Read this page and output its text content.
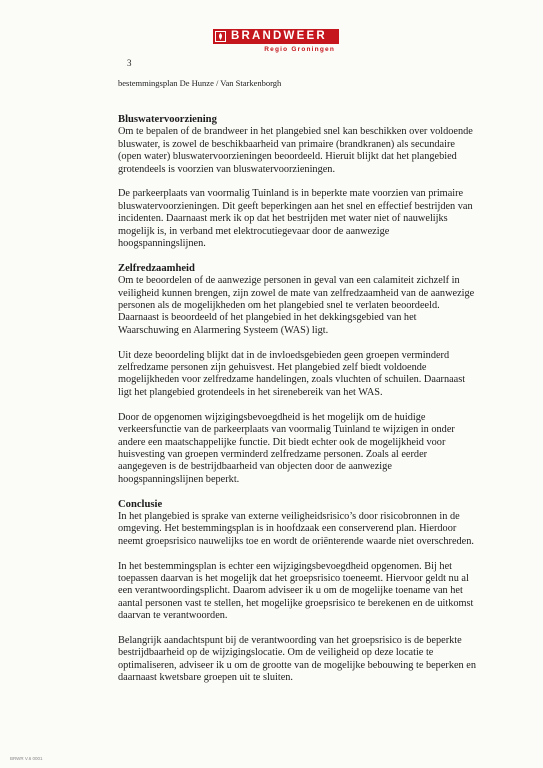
BRANDWEER
Regio Groningen
3
bestemmingsplan De Hunze / Van Starkenborgh
Bluswatervoorziening

Om te bepalen of de brandweer in het plangebied snel kan beschikken over voldoende bluswater, is zowel de beschikbaarheid van primaire (brandkranen) als secundaire (open water) bluswatervoorzieningen beoordeeld. Hieruit blijkt dat het plangebied grotendeels is voorzien van bluswatervoorzieningen.

De parkeerplaats van voormalig Tuinland is in beperkte mate voorzien van primaire bluswatervoorzieningen. Dit geeft beperkingen aan het snel en effectief bestrijden van incidenten. Daarnaast merk ik op dat het bestrijden met water niet of nauwelijks mogelijk is, in verband met elektrocutiegevaar door de aanwezige hoogspanningslijnen.

Zelfredzaamheid

Om te beoordelen of de aanwezige personen in geval van een calamiteit zichzelf in veiligheid kunnen brengen, zijn zowel de mate van zelfredzaamheid van de aanwezige personen als de mogelijkheden om het plangebied snel te verlaten beoordeeld. Daarnaast is beoordeeld of het plangebied in het dekkingsgebied van het Waarschuwing en Alarmering Systeem (WAS) ligt.

Uit deze beoordeling blijkt dat in de invloedsgebieden geen groepen verminderd zelfredzame personen zijn gehuisvest. Het plangebied zelf biedt voldoende mogelijkheden voor zelfredzame handelingen, zoals vluchten of schuilen. Daarnaast ligt het plangebied grotendeels in het sirenebereik van het WAS.

Door de opgenomen wijzigingsbevoegdheid is het mogelijk om de huidige verkeersfunctie van de parkeerplaats van voormalig Tuinland te wijzigen in onder andere een maatschappelijke functie. Dit biedt echter ook de mogelijkheid voor huisvesting van groepen verminderd zelfredzame personen. Zoals al eerder aangegeven is de bestrijdbaarheid van objecten door de aanwezige hoogspanningslijnen beperkt.

Conclusie

In het plangebied is sprake van externe veiligheidsrisico’s door risicobronnen in de omgeving. Het bestemmingsplan is in hoofdzaak een conserverend plan. Hierdoor neemt groepsrisico nauwelijks toe en wordt de oriënterende waarde niet overschreden.

In het bestemmingsplan is echter een wijzigingsbevoegdheid opgenomen. Bij het toepassen daarvan is het mogelijk dat het groepsrisico toeneemt. Hiervoor geldt nu al een verantwoordingsplicht. Daarom adviseer ik u om de mogelijke toename van het aantal personen vast te stellen, het mogelijke groepsrisico te berekenen en de uitkomst daarvan te verantwoorden.

Belangrijk aandachtspunt bij de verantwoording van het groepsrisico is de beperkte bestrijdbaarheid op de wijzigingslocatie. Om de veiligheid op deze locatie te optimaliseren, adviseer ik u om de grootte van de mogelijke bebouwing te beperken en daarnaast kwetsbare groepen uit te sluiten.

BRWR V.6 0001
